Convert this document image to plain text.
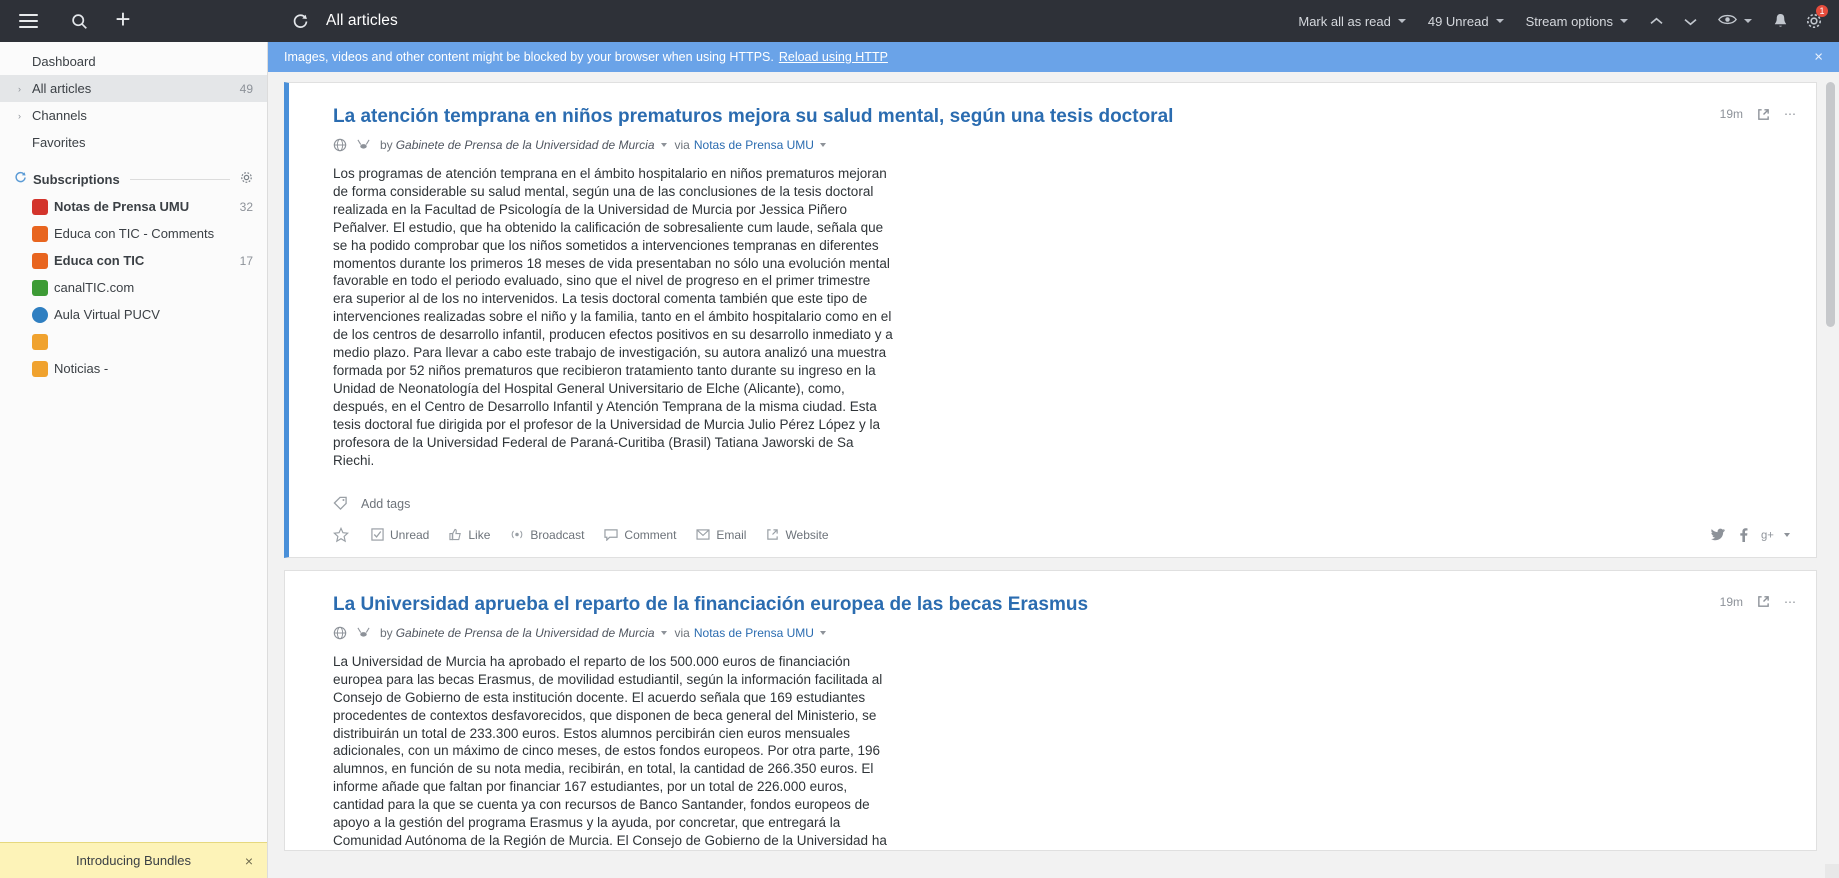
+	All articles	Mark all as read	49 Unread	Stream options
1
Dashboard
› All articles	49
› Channels
Favorites
Subscriptions
Notas de Prensa UMU	32
Educa con TIC - Comments
Educa con TIC	17
canalTIC.com
Aula Virtual PUCV
Noticias -
Introducing Bundles	×
Images, videos and other content might be blocked by your browser when using HTTPS. Reload using HTTP	×
19m	⋯
La atención temprana en niños prematuros mejora su salud mental, según una tesis doctoral
by Gabinete de Prensa de la Universidad de Murcia via Notas de Prensa UMU
Los programas de atención temprana en el ámbito hospitalario en niños prematuros mejoran de forma considerable su salud mental, según una de las conclusiones de la tesis doctoral realizada en la Facultad de Psicología de la Universidad de Murcia por Jessica Piñero Peñalver. El estudio, que ha obtenido la calificación de sobresaliente cum laude, señala que se ha podido comprobar que los niños sometidos a intervenciones tempranas en diferentes momentos durante los primeros 18 meses de vida presentaban no sólo una evolución mental favorable en todo el periodo evaluado, sino que el nivel de progreso en el primer trimestre era superior al de los no intervenidos. La tesis doctoral comenta también que este tipo de intervenciones realizadas sobre el niño y la familia, tanto en el ámbito hospitalario como en el de los centros de desarrollo infantil, producen efectos positivos en su desarrollo inmediato y a medio plazo. Para llevar a cabo este trabajo de investigación, su autora analizó una muestra formada por 52 niños prematuros que recibieron tratamiento tanto durante su ingreso en la Unidad de Neonatología del Hospital General Universitario de Elche (Alicante), como, después, en el Centro de Desarrollo Infantil y Atención Temprana de la misma ciudad. Esta tesis doctoral fue dirigida por el profesor de la Universidad de Murcia Julio Pérez López y la profesora de la Universidad Federal de Paraná-Curitiba (Brasil) Tatiana Jaworski de Sa Riechi.
Add tags
Unread	Like	Broadcast	Comment	Email	Website	g+
19m	⋯
La Universidad aprueba el reparto de la financiación europea de las becas Erasmus
by Gabinete de Prensa de la Universidad de Murcia via Notas de Prensa UMU
La Universidad de Murcia ha aprobado el reparto de los 500.000 euros de financiación europea para las becas Erasmus, de movilidad estudiantil, según la información facilitada al Consejo de Gobierno de esta institución docente. El acuerdo señala que 169 estudiantes procedentes de contextos desfavorecidos, que disponen de beca general del Ministerio, se distribuirán un total de 233.300 euros. Estos alumnos percibirán cien euros mensuales adicionales, con un máximo de cinco meses, de estos fondos europeos. Por otra parte, 196 alumnos, en función de su nota media, recibirán, en total, la cantidad de 266.350 euros. El informe añade que faltan por financiar 167 estudiantes, por un total de 226.000 euros, cantidad para la que se cuenta ya con recursos de Banco Santander, fondos europeos de apoyo a la gestión del programa Erasmus y la ayuda, por concretar, que entregará la Comunidad Autónoma de la Región de Murcia. El Consejo de Gobierno de la Universidad ha
